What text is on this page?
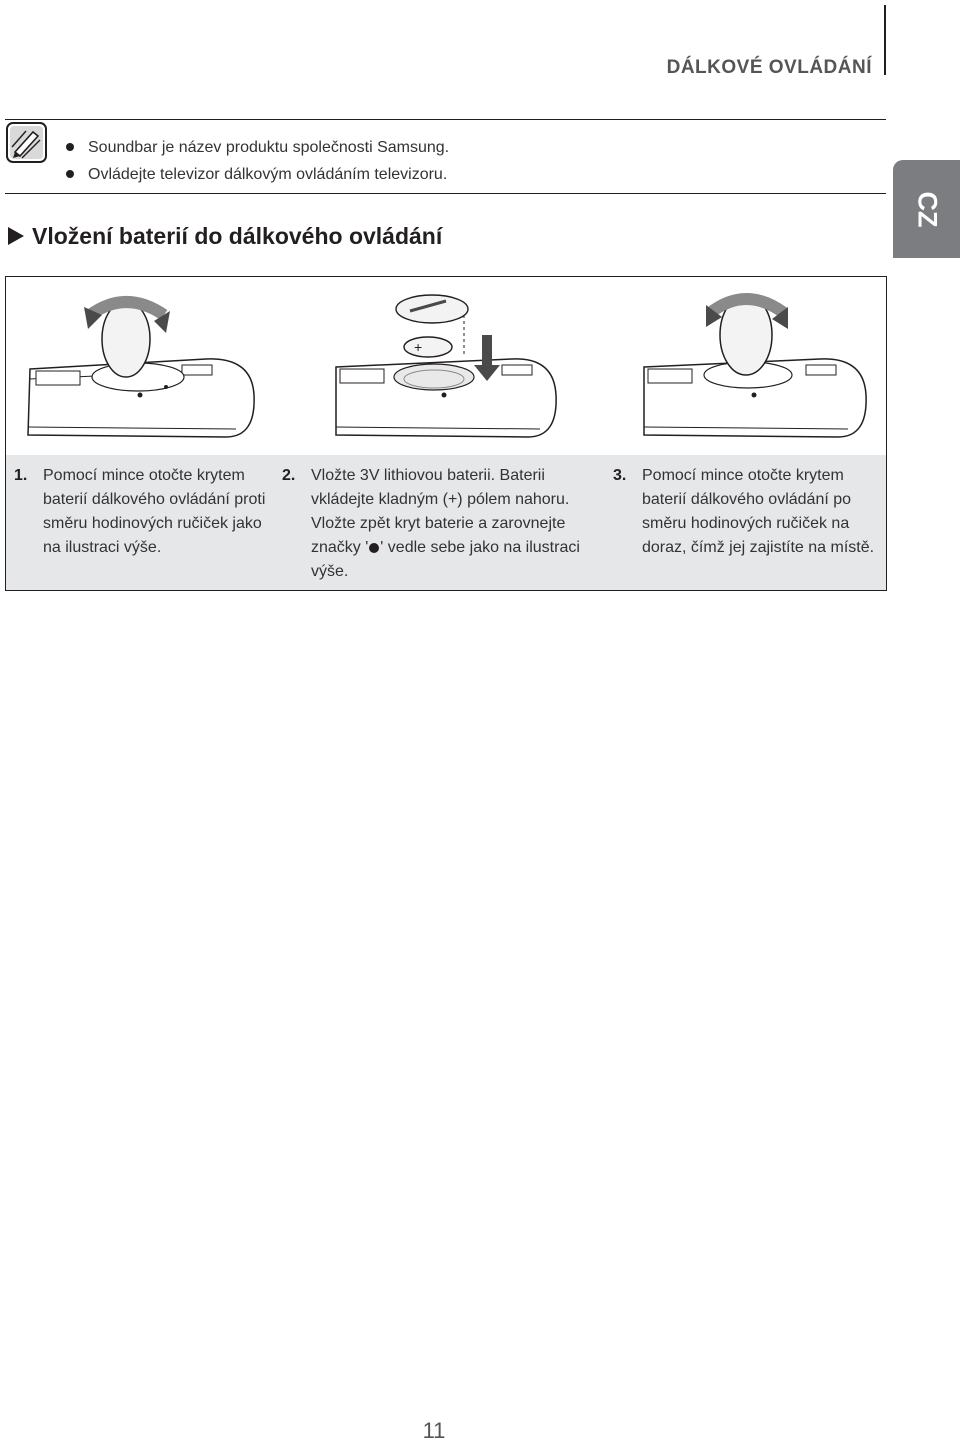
DÁLKOVÉ OVLÁDÁNÍ
Soundbar je název produktu společnosti Samsung.
Ovládejte televizor dálkovým ovládáním televizoru.
Vložení baterií do dálkového ovládání
CZ
+
1. Pomocí mince otočte krytem baterií dálkového ovládání proti směru hodinových ručiček jako na ilustraci výše.
2. Vložte 3V lithiovou baterii. Baterii vkládejte kladným (+) pólem nahoru. Vložte zpět kryt baterie a zarovnejte značky ' ' vedle sebe jako na ilustraci výše.
3. Pomocí mince otočte krytem baterií dálkového ovládání po směru hodinových ručiček na doraz, čímž jej zajistíte na místě.
11
